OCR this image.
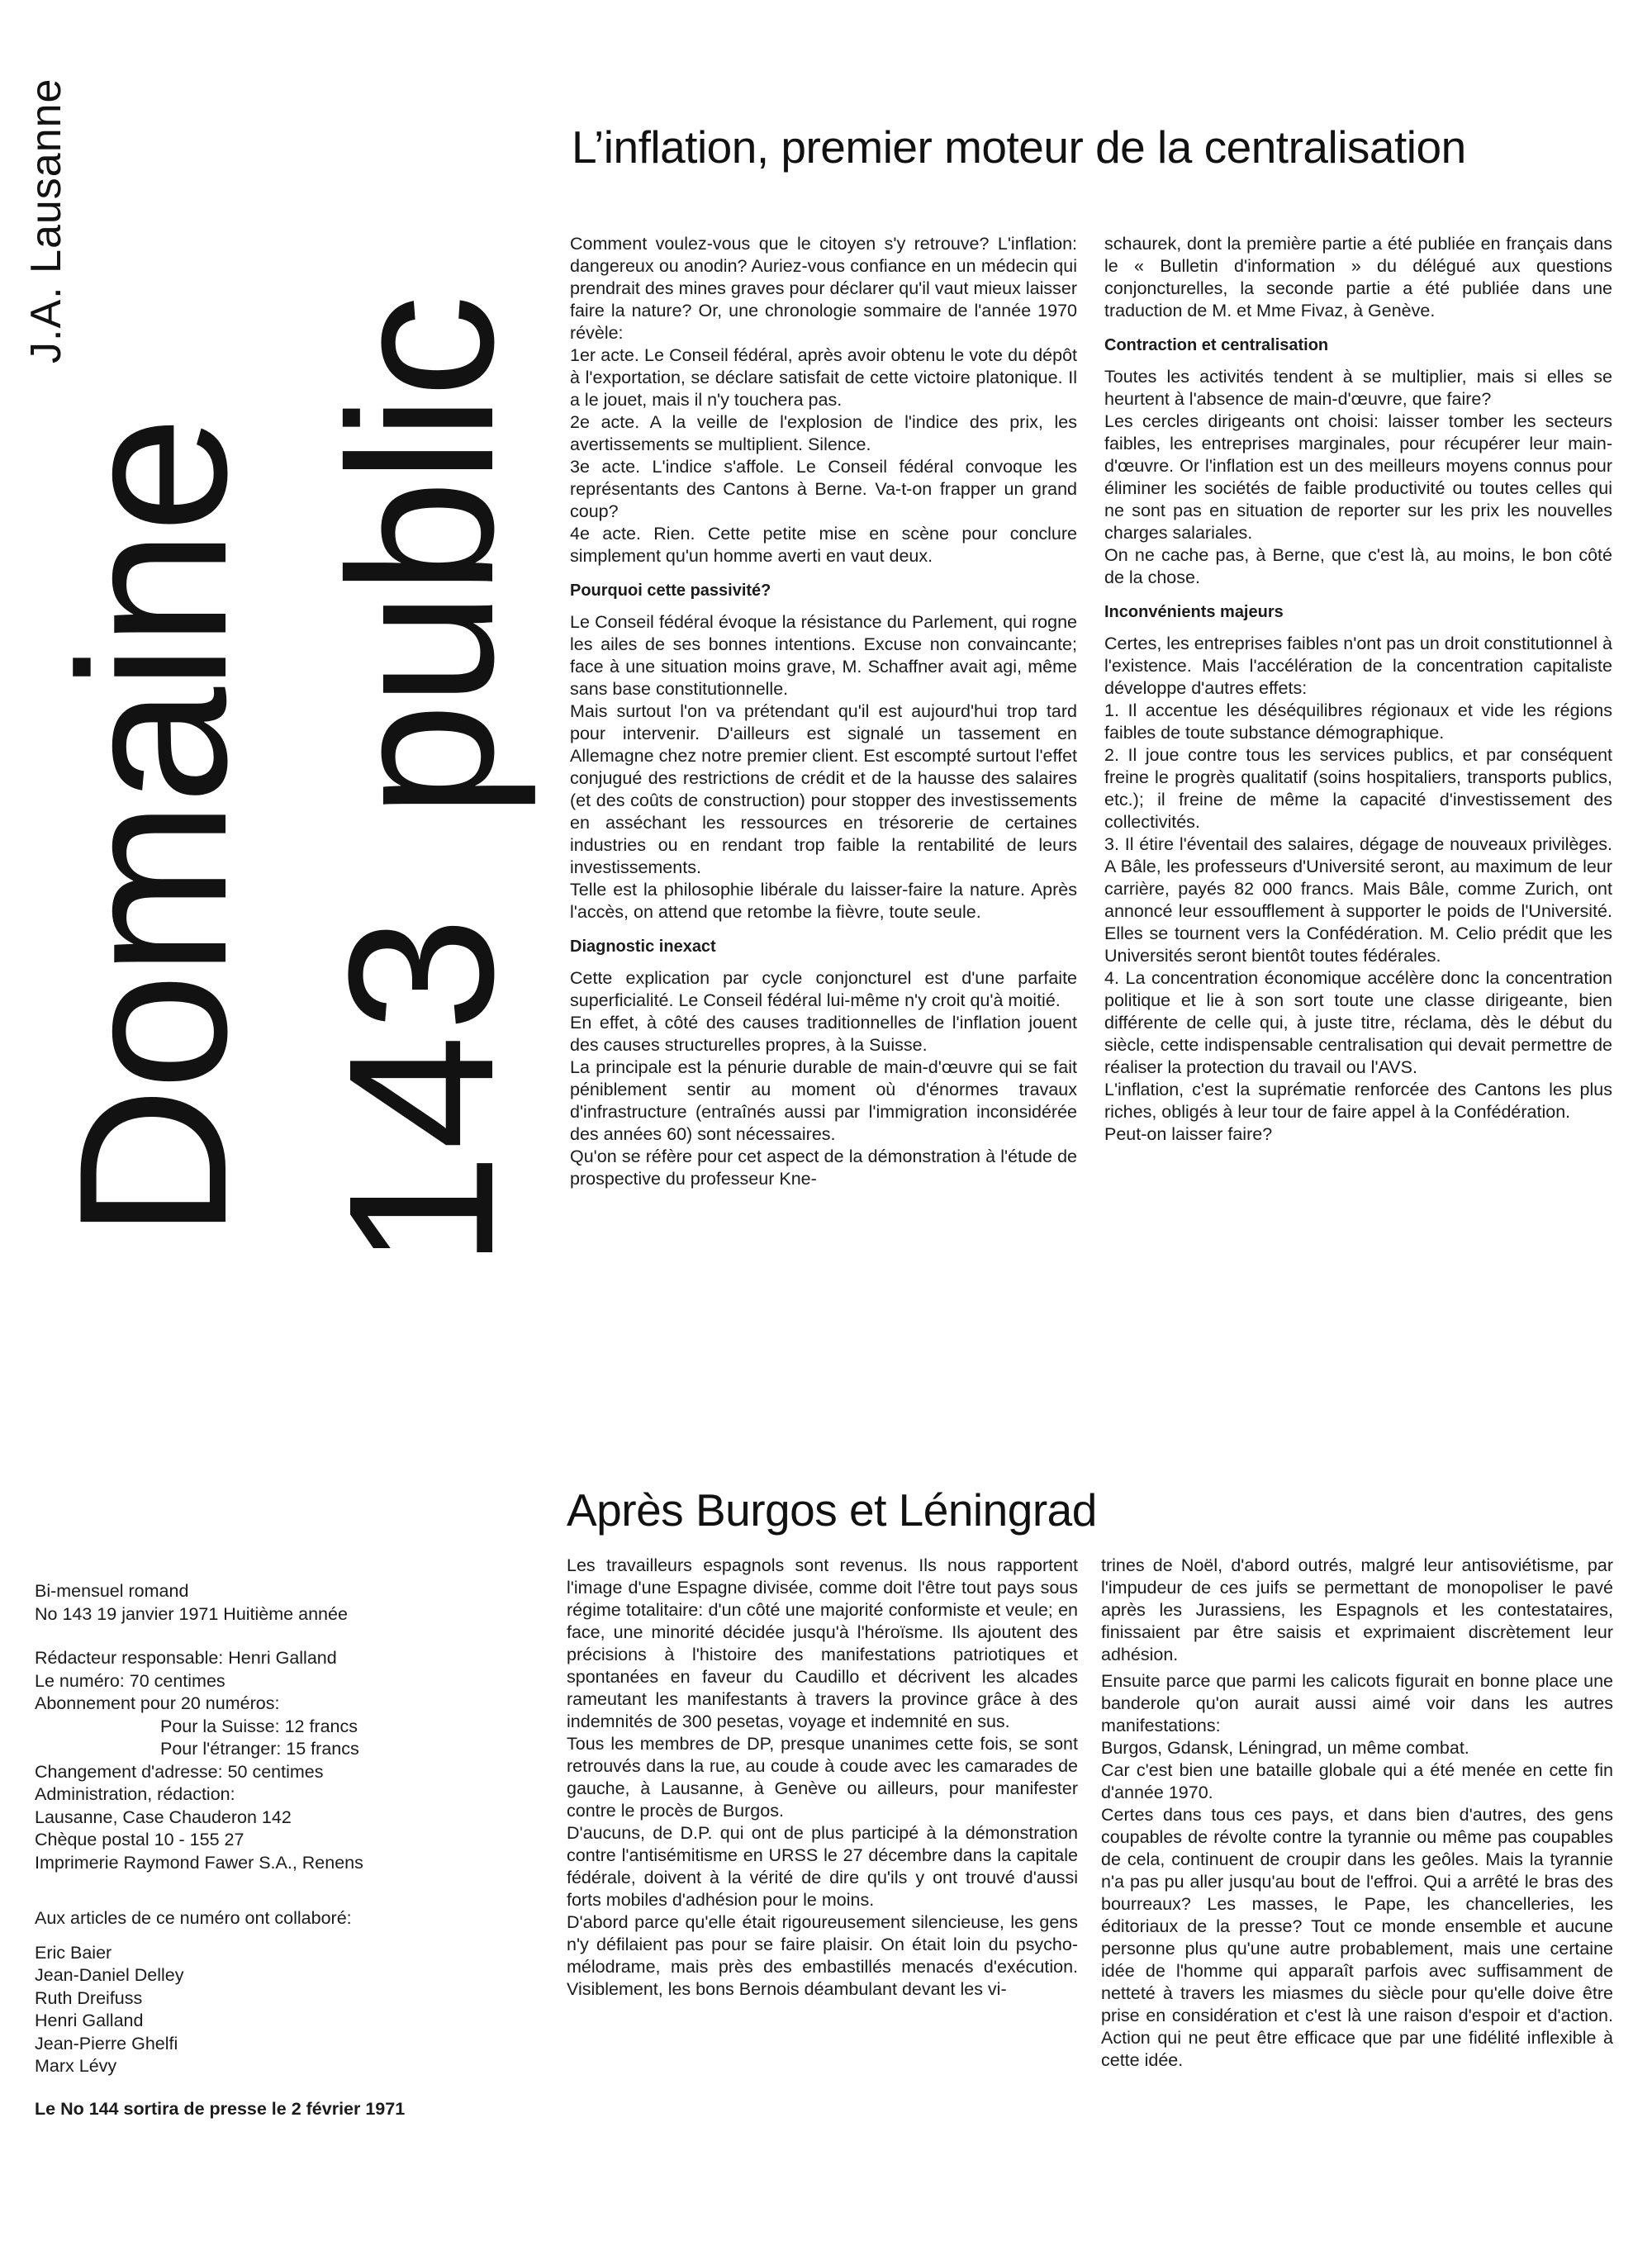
Domaine
J.A. Lausanne
public
143
L’inflation, premier moteur de la centralisation

Comment voulez-vous que le citoyen s'y retrouve? L'inflation: dangereux ou anodin? Auriez-vous confiance en un médecin qui prendrait des mines graves pour déclarer qu'il vaut mieux laisser faire la nature? Or, une chronologie sommaire de l'année 1970 révèle:

1er acte. Le Conseil fédéral, après avoir obtenu le vote du dépôt à l'exportation, se déclare satisfait de cette victoire platonique. Il a le jouet, mais il n'y touchera pas.

2e acte. A la veille de l'explosion de l'indice des prix, les avertissements se multiplient. Silence.

3e acte. L'indice s'affole. Le Conseil fédéral convoque les représentants des Cantons à Berne. Va-t-on frapper un grand coup?

4e acte. Rien. Cette petite mise en scène pour conclure simplement qu'un homme averti en vaut deux.

Pourquoi cette passivité?

Le Conseil fédéral évoque la résistance du Parlement, qui rogne les ailes de ses bonnes intentions. Excuse non convaincante; face à une situation moins grave, M. Schaffner avait agi, même sans base constitutionnelle.

Mais surtout l'on va prétendant qu'il est aujourd'hui trop tard pour intervenir. D'ailleurs est signalé un tassement en Allemagne chez notre premier client. Est escompté surtout l'effet conjugué des restrictions de crédit et de la hausse des salaires (et des coûts de construction) pour stopper des investissements en asséchant les ressources en trésorerie de certaines industries ou en rendant trop faible la rentabilité de leurs investissements.

Telle est la philosophie libérale du laisser-faire la nature. Après l'accès, on attend que retombe la fièvre, toute seule.

Diagnostic inexact

Cette explication par cycle conjoncturel est d'une parfaite superficialité. Le Conseil fédéral lui-même n'y croit qu'à moitié.

En effet, à côté des causes traditionnelles de l'inflation jouent des causes structurelles propres, à la Suisse.

La principale est la pénurie durable de main-d'œuvre qui se fait péniblement sentir au moment où d'énormes travaux d'infrastructure (entraînés aussi par l'immigration inconsidérée des années 60) sont nécessaires.

Qu'on se réfère pour cet aspect de la démonstration à l'étude de prospective du professeur Kne-

schaurek, dont la première partie a été publiée en français dans le « Bulletin d'information » du délégué aux questions conjoncturelles, la seconde partie a été publiée dans une traduction de M. et Mme Fivaz, à Genève.

Contraction et centralisation

Toutes les activités tendent à se multiplier, mais si elles se heurtent à l'absence de main-d'œuvre, que faire?

Les cercles dirigeants ont choisi: laisser tomber les secteurs faibles, les entreprises marginales, pour récupérer leur main-d'œuvre. Or l'inflation est un des meilleurs moyens connus pour éliminer les sociétés de faible productivité ou toutes celles qui ne sont pas en situation de reporter sur les prix les nouvelles charges salariales.

On ne cache pas, à Berne, que c'est là, au moins, le bon côté de la chose.

Inconvénients majeurs

Certes, les entreprises faibles n'ont pas un droit constitutionnel à l'existence. Mais l'accélération de la concentration capitaliste développe d'autres effets:

1. Il accentue les déséquilibres régionaux et vide les régions faibles de toute substance démographique.

2. Il joue contre tous les services publics, et par conséquent freine le progrès qualitatif (soins hospitaliers, transports publics, etc.); il freine de même la capacité d'investissement des collectivités.

3. Il étire l'éventail des salaires, dégage de nouveaux privilèges. A Bâle, les professeurs d'Université seront, au maximum de leur carrière, payés 82 000 francs. Mais Bâle, comme Zurich, ont annoncé leur essoufflement à supporter le poids de l'Université. Elles se tournent vers la Confédération. M. Celio prédit que les Universités seront bientôt toutes fédérales.

4. La concentration économique accélère donc la concentration politique et lie à son sort toute une classe dirigeante, bien différente de celle qui, à juste titre, réclama, dès le début du siècle, cette indispensable centralisation qui devait permettre de réaliser la protection du travail ou l'AVS.

L'inflation, c'est la suprématie renforcée des Cantons les plus riches, obligés à leur tour de faire appel à la Confédération.

Peut-on laisser faire?

Après Burgos et Léningrad

Les travailleurs espagnols sont revenus. Ils nous rapportent l'image d'une Espagne divisée, comme doit l'être tout pays sous régime totalitaire: d'un côté une majorité conformiste et veule; en face, une minorité décidée jusqu'à l'héroïsme. Ils ajoutent des précisions à l'histoire des manifestations patriotiques et spontanées en faveur du Caudillo et décrivent les alcades rameutant les manifestants à travers la province grâce à des indemnités de 300 pesetas, voyage et indemnité en sus.

Tous les membres de DP, presque unanimes cette fois, se sont retrouvés dans la rue, au coude à coude avec les camarades de gauche, à Lausanne, à Genève ou ailleurs, pour manifester contre le procès de Burgos.

D'aucuns, de D.P. qui ont de plus participé à la démonstration contre l'antisémitisme en URSS le 27 décembre dans la capitale fédérale, doivent à la vérité de dire qu'ils y ont trouvé d'aussi forts mobiles d'adhésion pour le moins.

D'abord parce qu'elle était rigoureusement silencieuse, les gens n'y défilaient pas pour se faire plaisir. On était loin du psycho-mélodrame, mais près des embastillés menacés d'exécution. Visiblement, les bons Bernois déambulant devant les vi-

trines de Noël, d'abord outrés, malgré leur antisoviétisme, par l'impudeur de ces juifs se permettant de monopoliser le pavé après les Jurassiens, les Espagnols et les contestataires, finissaient par être saisis et exprimaient discrètement leur adhésion.

Ensuite parce que parmi les calicots figurait en bonne place une banderole qu'on aurait aussi aimé voir dans les autres manifestations:

Burgos, Gdansk, Léningrad, un même combat.

Car c'est bien une bataille globale qui a été menée en cette fin d'année 1970.

Certes dans tous ces pays, et dans bien d'autres, des gens coupables de révolte contre la tyrannie ou même pas coupables de cela, continuent de croupir dans les geôles. Mais la tyrannie n'a pas pu aller jusqu'au bout de l'effroi. Qui a arrêté le bras des bourreaux? Les masses, le Pape, les chancelleries, les éditoriaux de la presse? Tout ce monde ensemble et aucune personne plus qu'une autre probablement, mais une certaine idée de l'homme qui apparaît parfois avec suffisamment de netteté à travers les miasmes du siècle pour qu'elle doive être prise en considération et c'est là une raison d'espoir et d'action. Action qui ne peut être efficace que par une fidélité inflexible à cette idée.

Bi-mensuel romand
No 143 19 janvier 1971 Huitième année
Rédacteur responsable: Henri Galland
Le numéro: 70 centimes
Abonnement pour 20 numéros:
Pour la Suisse: 12 francs
Pour l'étranger: 15 francs
Changement d'adresse: 50 centimes
Administration, rédaction:
Lausanne, Case Chauderon 142
Chèque postal 10 - 155 27
Imprimerie Raymond Fawer S.A., Renens
Aux articles de ce numéro ont collaboré:
Eric Baier
Jean-Daniel Delley
Ruth Dreifuss
Henri Galland
Jean-Pierre Ghelfi
Marx Lévy
Le No 144 sortira de presse le 2 février 1971
